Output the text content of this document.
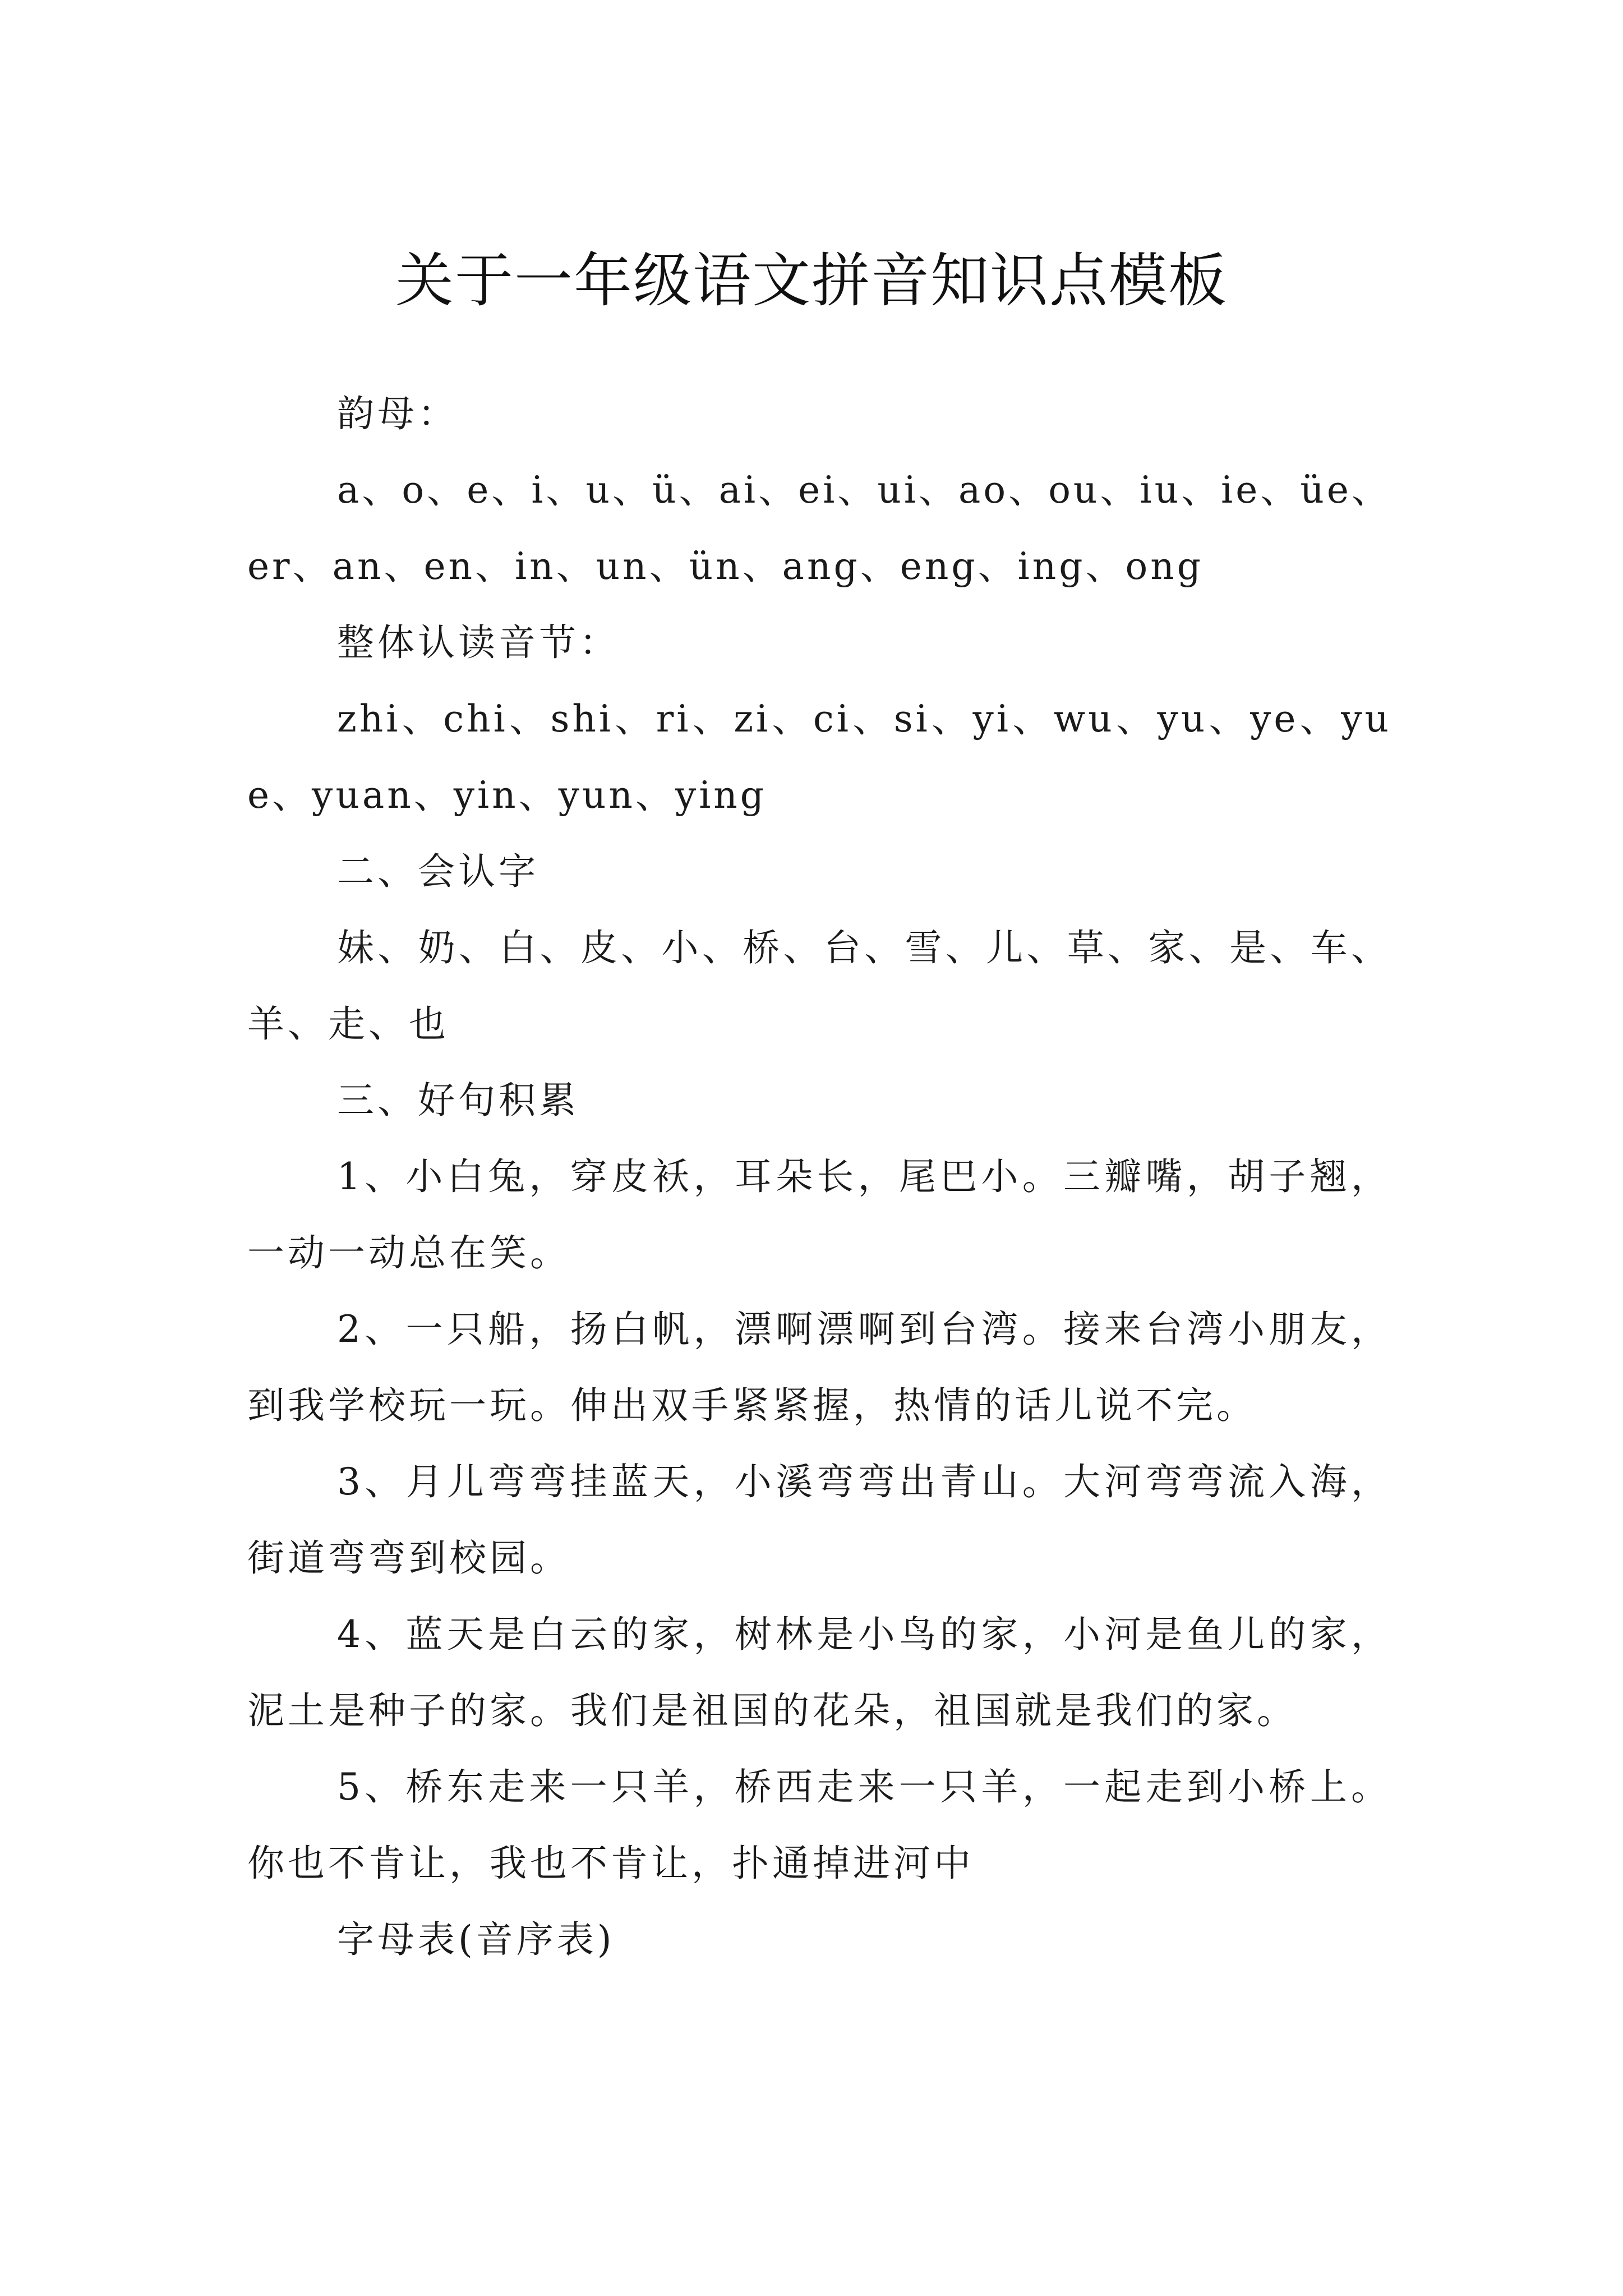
关于一年级语文拼音知识点模板

韵母：

a、o、e、i、u、ü、ai、ei、ui、ao、ou、iu、ie、üe、er、an、en、in、un、ün、ang、eng、ing、ong

整体认读音节：

zhi、chi、shi、ri、zi、ci、si、yi、wu、yu、ye、yue、yuan、yin、yun、ying

二、会认字

妹、奶、白、皮、小、桥、台、雪、儿、草、家、是、车、羊、走、也

三、好句积累

1、小白兔，穿皮袄，耳朵长，尾巴小。三瓣嘴，胡子翘，一动一动总在笑。

2、一只船，扬白帆，漂啊漂啊到台湾。接来台湾小朋友，到我学校玩一玩。伸出双手紧紧握，热情的话儿说不完。

3、月儿弯弯挂蓝天，小溪弯弯出青山。大河弯弯流入海，街道弯弯到校园。

4、蓝天是白云的家，树林是小鸟的家，小河是鱼儿的家，泥土是种子的家。我们是祖国的花朵，祖国就是我们的家。

5、桥东走来一只羊，桥西走来一只羊，一起走到小桥上。你也不肯让，我也不肯让，扑通掉进河中

字母表(音序表)
